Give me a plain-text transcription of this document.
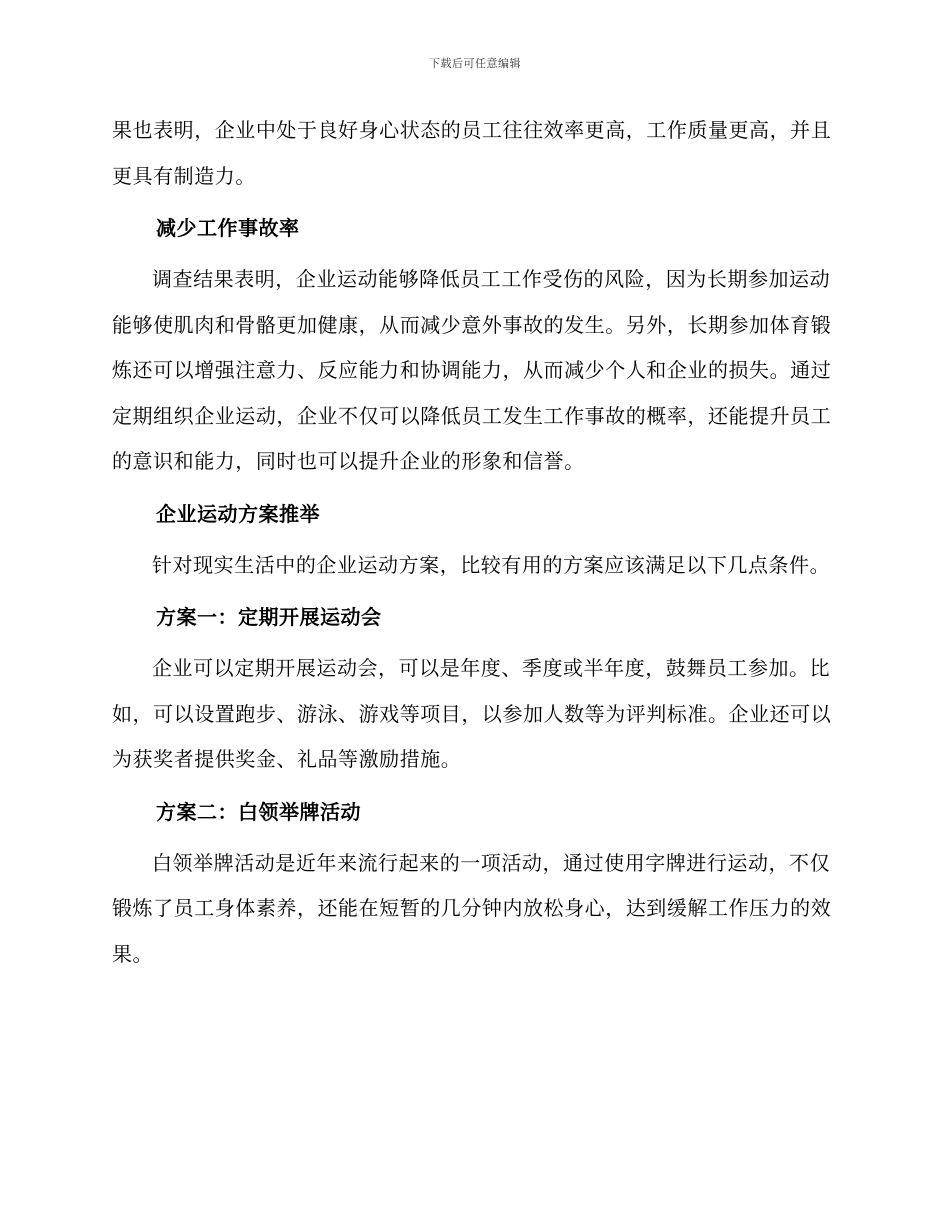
下载后可任意编辑

果也表明，企业中处于良好身心状态的员工往往效率更高，工作质量更高，并且更具有制造力。

减少工作事故率

调查结果表明，企业运动能够降低员工工作受伤的风险，因为长期参加运动能够使肌肉和骨骼更加健康，从而减少意外事故的发生。另外，长期参加体育锻炼还可以增强注意力、反应能力和协调能力，从而减少个人和企业的损失。通过定期组织企业运动，企业不仅可以降低员工发生工作事故的概率，还能提升员工的意识和能力，同时也可以提升企业的形象和信誉。

企业运动方案推举

针对现实生活中的企业运动方案，比较有用的方案应该满足以下几点条件。

方案一：定期开展运动会

企业可以定期开展运动会，可以是年度、季度或半年度，鼓舞员工参加。比如，可以设置跑步、游泳、游戏等项目，以参加人数等为评判标准。企业还可以为获奖者提供奖金、礼品等激励措施。

方案二：白领举牌活动

白领举牌活动是近年来流行起来的一项活动，通过使用字牌进行运动，不仅锻炼了员工身体素养，还能在短暂的几分钟内放松身心，达到缓解工作压力的效果。
